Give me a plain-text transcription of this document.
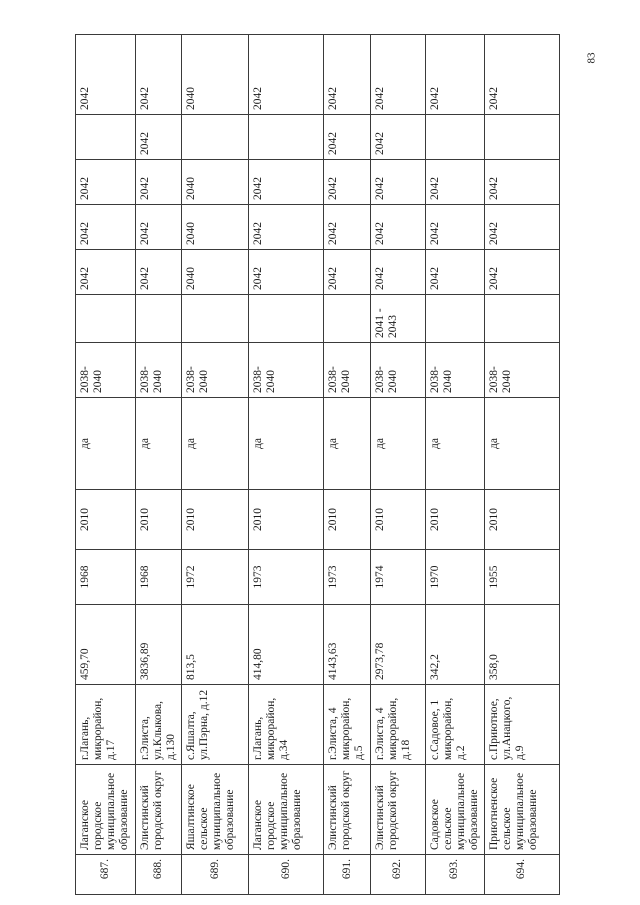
83
687.	Лаганское городское муниципальное образование	г.Лагань, микрорайон, д.17	459,70	1968	2010	да	2038-2040		2042	2042	2042		2042
688.	Элистинский городской округ	г.Элиста, ул.Клыкова, д.130	3836,89	1968	2010	да	2038-2040		2042	2042	2042	2042	2042
689.	Яшалтинское сельское муниципальное образование	с.Яшалта, ул.Пэрна, д.12	813,5	1972	2010	да	2038-2040		2040	2040	2040		2040
690.	Лаганское городское муниципальное образование	г.Лагань, микрорайон, д.34	414,80	1973	2010	да	2038-2040		2042	2042	2042		2042
691.	Элистинский городской округ	г.Элиста, 4 микрорайон, д.5	4143,63	1973	2010	да	2038-2040		2042	2042	2042	2042	2042
692.	Элистинский городской округ	г.Элиста, 4 микрорайон, д.18	2973,78	1974	2010	да	2038-2040	2041 - 2043	2042	2042	2042	2042	2042
693.	Садовское сельское муниципальное образование	с.Садовое, 1 микрорайон, д.2	342,2	1970	2010	да	2038-2040		2042	2042	2042		2042
694.	Приютненское сельское муниципальное образование	с.Приютное, ул.Анацкого, д.9	358,0	1955	2010	да	2038-2040		2042	2042	2042		2042
